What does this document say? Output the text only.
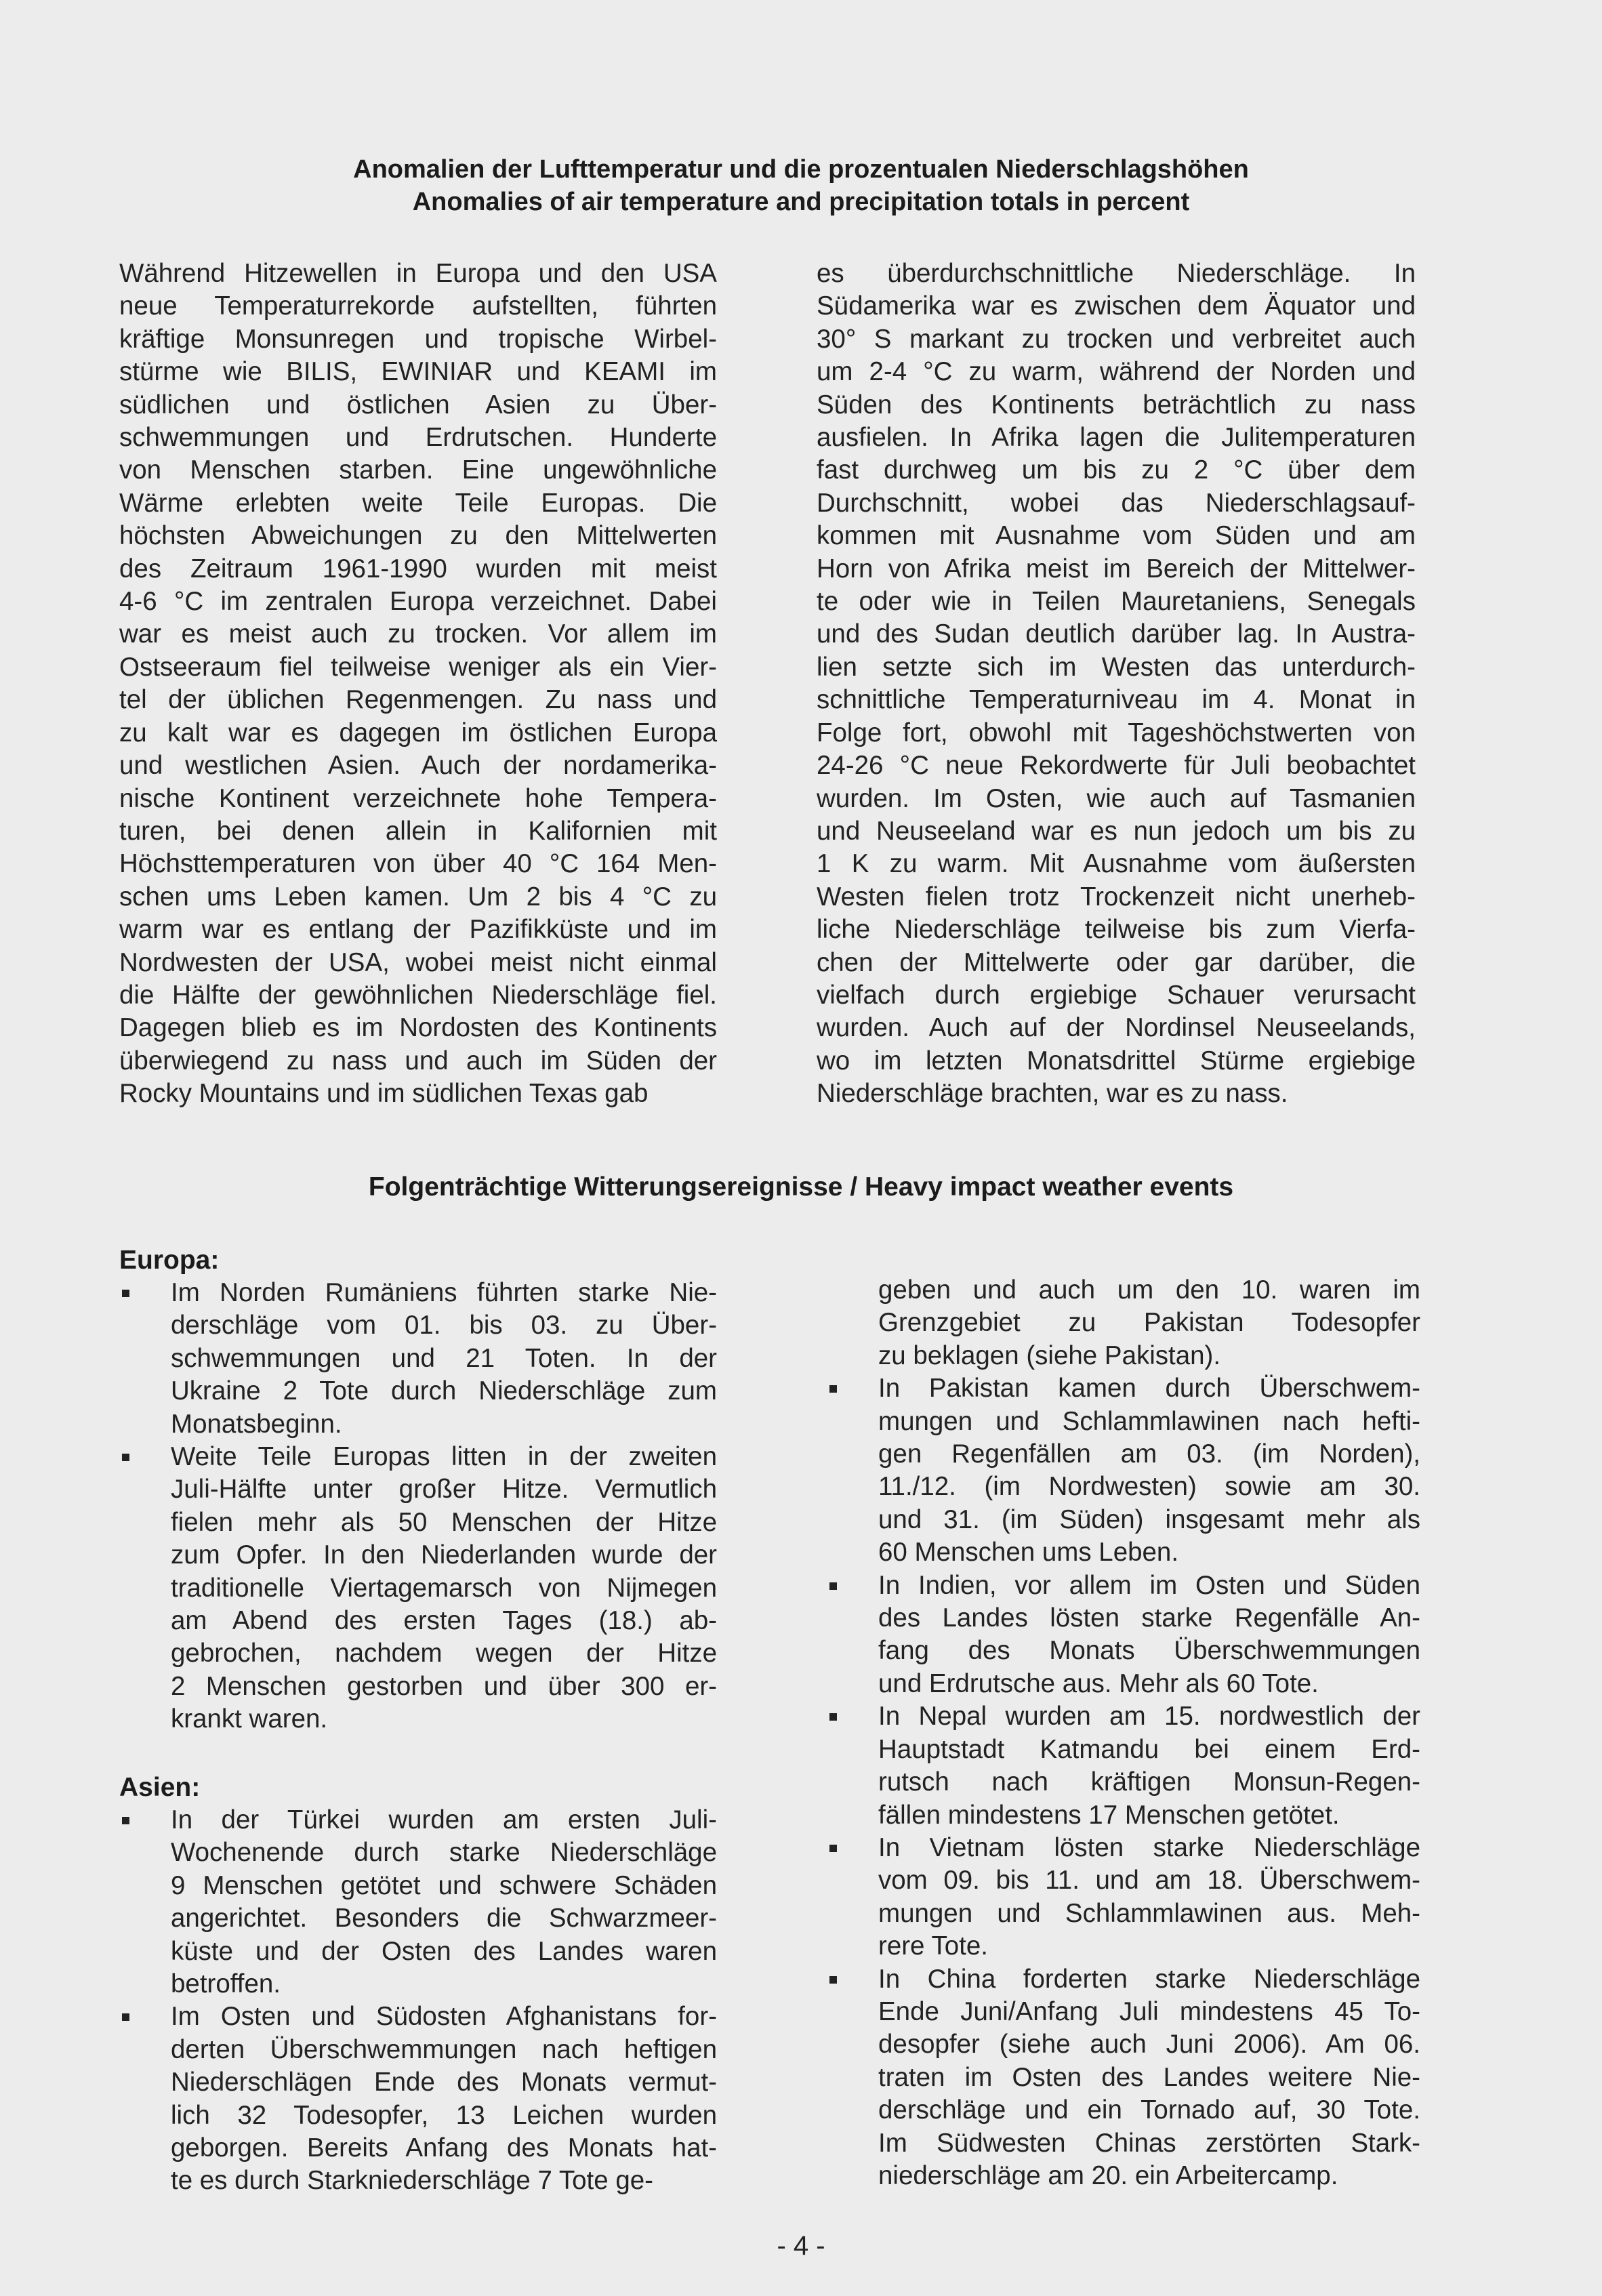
Anomalien der Lufttemperatur und die prozentualen Niederschlagshöhen
Anomalies of air temperature and precipitation totals in percent
Während Hitzewellen in Europa und den USA
neue Temperaturrekorde aufstellten, führten
kräftige Monsunregen und tropische Wirbel-
stürme wie BILIS, EWINIAR und KEAMI im
südlichen und östlichen Asien zu Über-
schwemmungen und Erdrutschen. Hunderte
von Menschen starben. Eine ungewöhnliche
Wärme erlebten weite Teile Europas. Die
höchsten Abweichungen zu den Mittelwerten
des Zeitraum 1961-1990 wurden mit meist
4-6 °C im zentralen Europa verzeichnet. Dabei
war es meist auch zu trocken. Vor allem im
Ostseeraum fiel teilweise weniger als ein Vier-
tel der üblichen Regenmengen. Zu nass und
zu kalt war es dagegen im östlichen Europa
und westlichen Asien. Auch der nordamerika-
nische Kontinent verzeichnete hohe Tempera-
turen, bei denen allein in Kalifornien mit
Höchsttemperaturen von über 40 °C 164 Men-
schen ums Leben kamen. Um 2 bis 4 °C zu
warm war es entlang der Pazifikküste und im
Nordwesten der USA, wobei meist nicht einmal
die Hälfte der gewöhnlichen Niederschläge fiel.
Dagegen blieb es im Nordosten des Kontinents
überwiegend zu nass und auch im Süden der
Rocky Mountains und im südlichen Texas gab
es überdurchschnittliche Niederschläge. In
Südamerika war es zwischen dem Äquator und
30° S markant zu trocken und verbreitet auch
um 2-4 °C zu warm, während der Norden und
Süden des Kontinents beträchtlich zu nass
ausfielen. In Afrika lagen die Julitemperaturen
fast durchweg um bis zu 2 °C über dem
Durchschnitt, wobei das Niederschlagsauf-
kommen mit Ausnahme vom Süden und am
Horn von Afrika meist im Bereich der Mittelwer-
te oder wie in Teilen Mauretaniens, Senegals
und des Sudan deutlich darüber lag. In Austra-
lien setzte sich im Westen das unterdurch-
schnittliche Temperaturniveau im 4. Monat in
Folge fort, obwohl mit Tageshöchstwerten von
24-26 °C neue Rekordwerte für Juli beobachtet
wurden. Im Osten, wie auch auf Tasmanien
und Neuseeland war es nun jedoch um bis zu
1 K zu warm. Mit Ausnahme vom äußersten
Westen fielen trotz Trockenzeit nicht unerheb-
liche Niederschläge teilweise bis zum Vierfa-
chen der Mittelwerte oder gar darüber, die
vielfach durch ergiebige Schauer verursacht
wurden. Auch auf der Nordinsel Neuseelands,
wo im letzten Monatsdrittel Stürme ergiebige
Niederschläge brachten, war es zu nass.
Folgenträchtige Witterungsereignisse / Heavy impact weather events
Europa:
Im Norden Rumäniens führten starke Nie-
derschläge vom 01. bis 03. zu Über-
schwemmungen und 21 Toten. In der
Ukraine 2 Tote durch Niederschläge zum
Monatsbeginn.
Weite Teile Europas litten in der zweiten
Juli-Hälfte unter großer Hitze. Vermutlich
fielen mehr als 50 Menschen der Hitze
zum Opfer. In den Niederlanden wurde der
traditionelle Viertagemarsch von Nijmegen
am Abend des ersten Tages (18.) ab-
gebrochen, nachdem wegen der Hitze
2 Menschen gestorben und über 300 er-
krankt waren.
Asien:
In der Türkei wurden am ersten Juli-
Wochenende durch starke Niederschläge
9 Menschen getötet und schwere Schäden
angerichtet. Besonders die Schwarzmeer-
küste und der Osten des Landes waren
betroffen.
Im Osten und Südosten Afghanistans for-
derten Überschwemmungen nach heftigen
Niederschlägen Ende des Monats vermut-
lich 32 Todesopfer, 13 Leichen wurden
geborgen. Bereits Anfang des Monats hat-
te es durch Starkniederschläge 7 Tote ge-
geben und auch um den 10. waren im
Grenzgebiet zu Pakistan Todesopfer
zu beklagen (siehe Pakistan).
In Pakistan kamen durch Überschwem-
mungen und Schlammlawinen nach hefti-
gen Regenfällen am 03. (im Norden),
11./12. (im Nordwesten) sowie am 30.
und 31. (im Süden) insgesamt mehr als
60 Menschen ums Leben.
In Indien, vor allem im Osten und Süden
des Landes lösten starke Regenfälle An-
fang des Monats Überschwemmungen
und Erdrutsche aus. Mehr als 60 Tote.
In Nepal wurden am 15. nordwestlich der
Hauptstadt Katmandu bei einem Erd-
rutsch nach kräftigen Monsun-Regen-
fällen mindestens 17 Menschen getötet.
In Vietnam lösten starke Niederschläge
vom 09. bis 11. und am 18. Überschwem-
mungen und Schlammlawinen aus. Meh-
rere Tote.
In China forderten starke Niederschläge
Ende Juni/Anfang Juli mindestens 45 To-
desopfer (siehe auch Juni 2006). Am 06.
traten im Osten des Landes weitere Nie-
derschläge und ein Tornado auf, 30 Tote.
Im Südwesten Chinas zerstörten Stark-
niederschläge am 20. ein Arbeitercamp.
- 4 -
